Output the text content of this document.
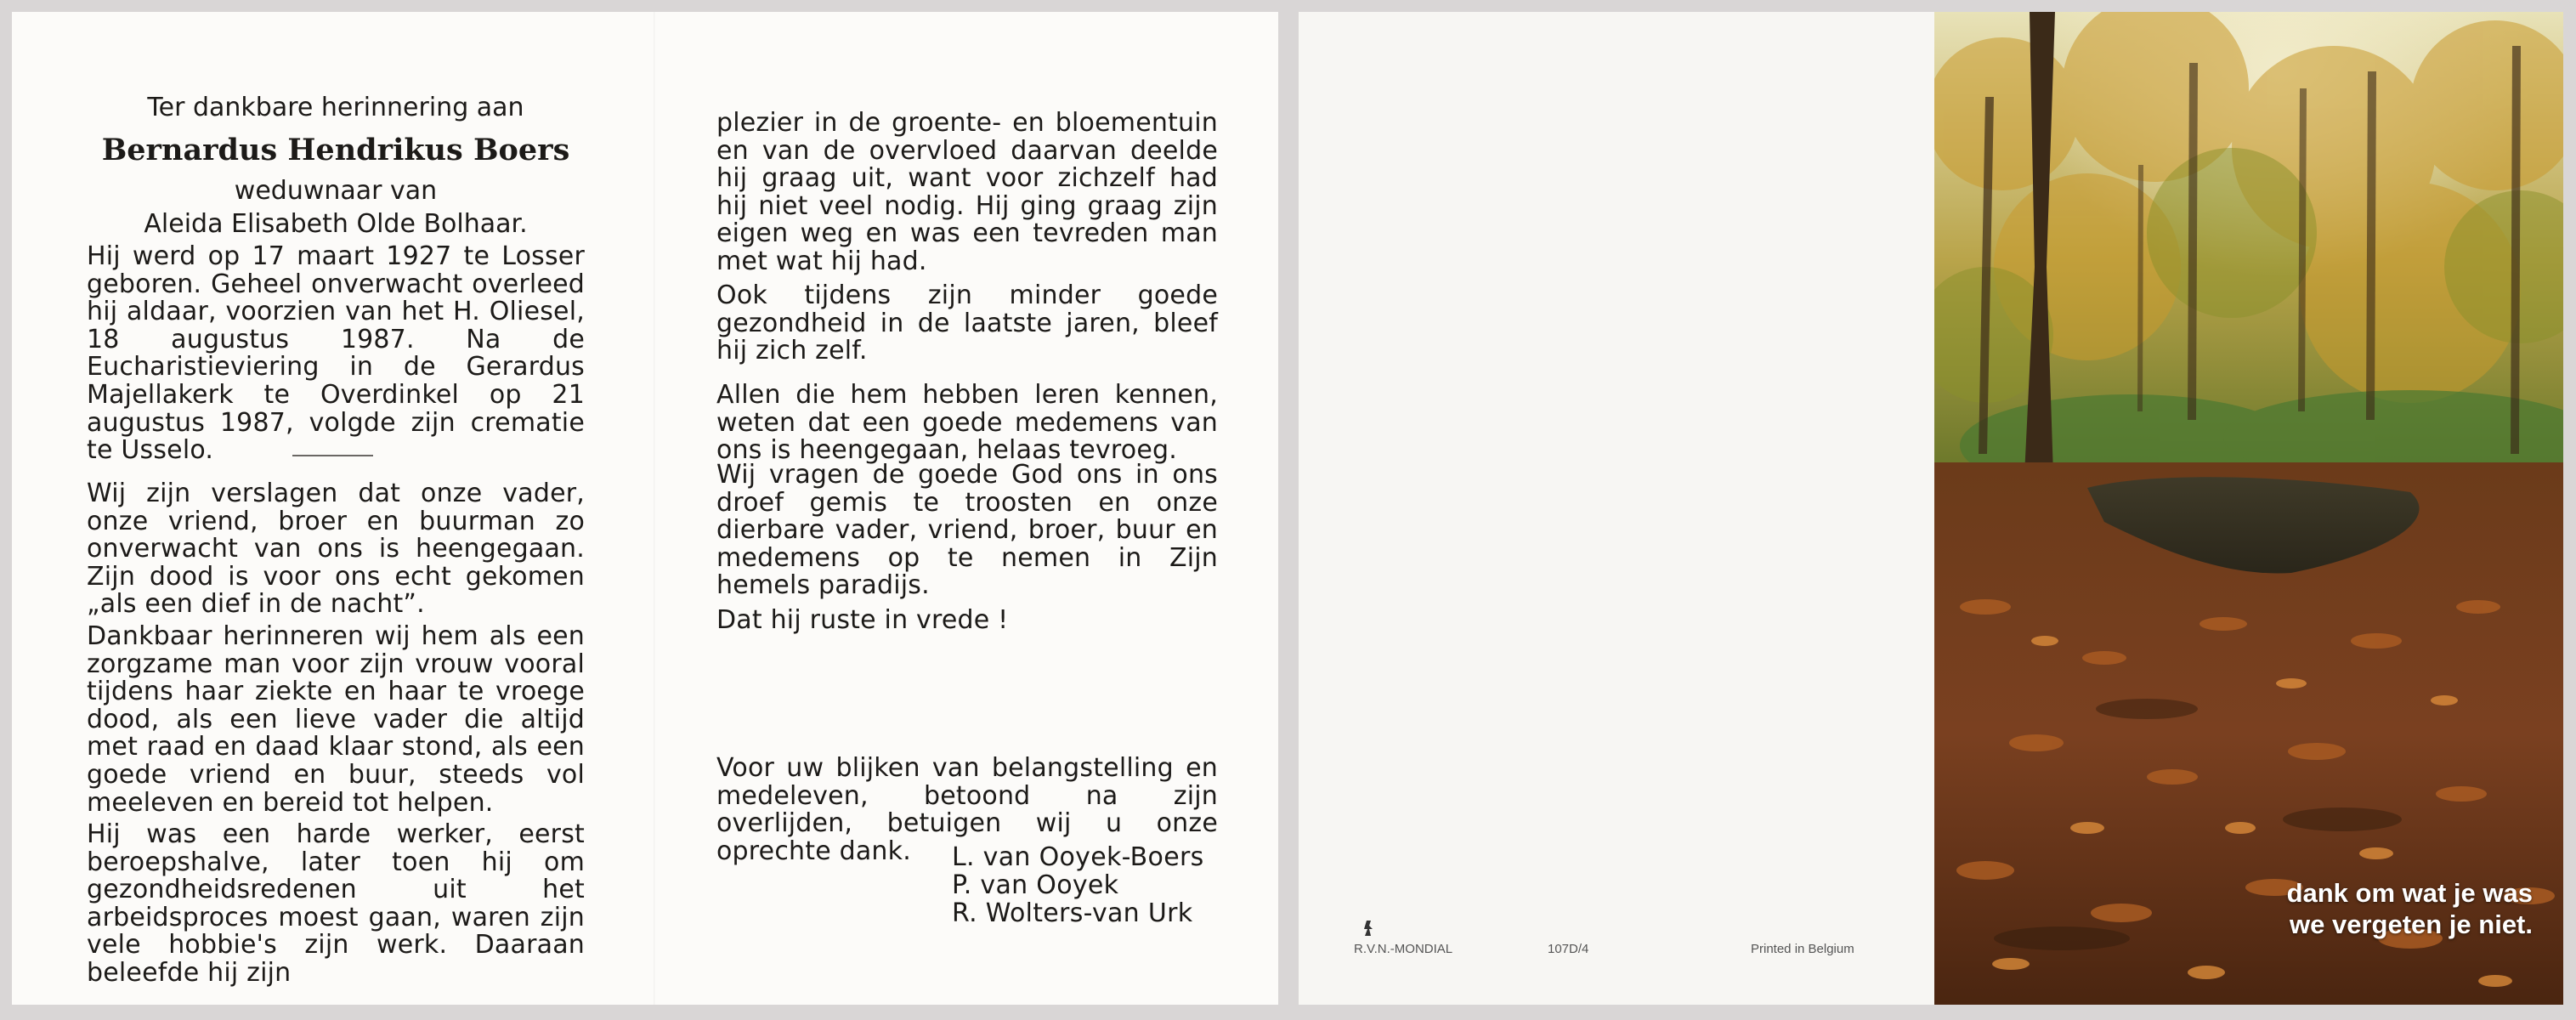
Ter dankbare herinnering aan
Bernardus Hendrikus Boers
weduwnaar van
Aleida Elisabeth Olde Bolhaar.

Hij werd op 17 maart 1927 te Losser geboren. Geheel onverwacht overleed hij aldaar, voorzien van het H. Oliesel, 18 augustus 1987. Na de Eucharistieviering in de Gerardus Majellakerk te Overdinkel op 21 augustus 1987, volgde zijn crematie te Usselo.

Wij zijn verslagen dat onze vader, onze vriend, broer en buurman zo onverwacht van ons is heengegaan. Zijn dood is voor ons echt gekomen „als een dief in de nacht”.

Dankbaar herinneren wij hem als een zorgzame man voor zijn vrouw vooral tijdens haar ziekte en haar te vroege dood, als een lieve vader die altijd met raad en daad klaar stond, als een goede vriend en buur, steeds vol meeleven en bereid tot helpen.

Hij was een harde werker, eerst beroepshalve, later toen hij om gezondheidsredenen uit het arbeidsproces moest gaan, waren zijn vele hobbie's zijn werk. Daaraan beleefde hij zijn

plezier in de groente- en bloementuin en van de overvloed daarvan deelde hij graag uit, want voor zichzelf had hij niet veel nodig. Hij ging graag zijn eigen weg en was een tevreden man met wat hij had.

Ook tijdens zijn minder goede gezondheid in de laatste jaren, bleef hij zich zelf.

Allen die hem hebben leren kennen, weten dat een goede medemens van ons is heengegaan, helaas tevroeg.

Wij vragen de goede God ons in ons droef gemis te troosten en onze dierbare vader, vriend, broer, buur en medemens op te nemen in Zijn hemels paradijs.

Dat hij ruste in vrede !

Voor uw blijken van belangstelling en medeleven, betoond na zijn overlijden, betuigen wij u onze oprechte dank.	L. van Ooyek-Boers
P. van Ooyek
R. Wolters-van Urk
R.V.N.-MONDIAL	107D/4	Printed in Belgium
dank om wat je was
we vergeten je niet.
